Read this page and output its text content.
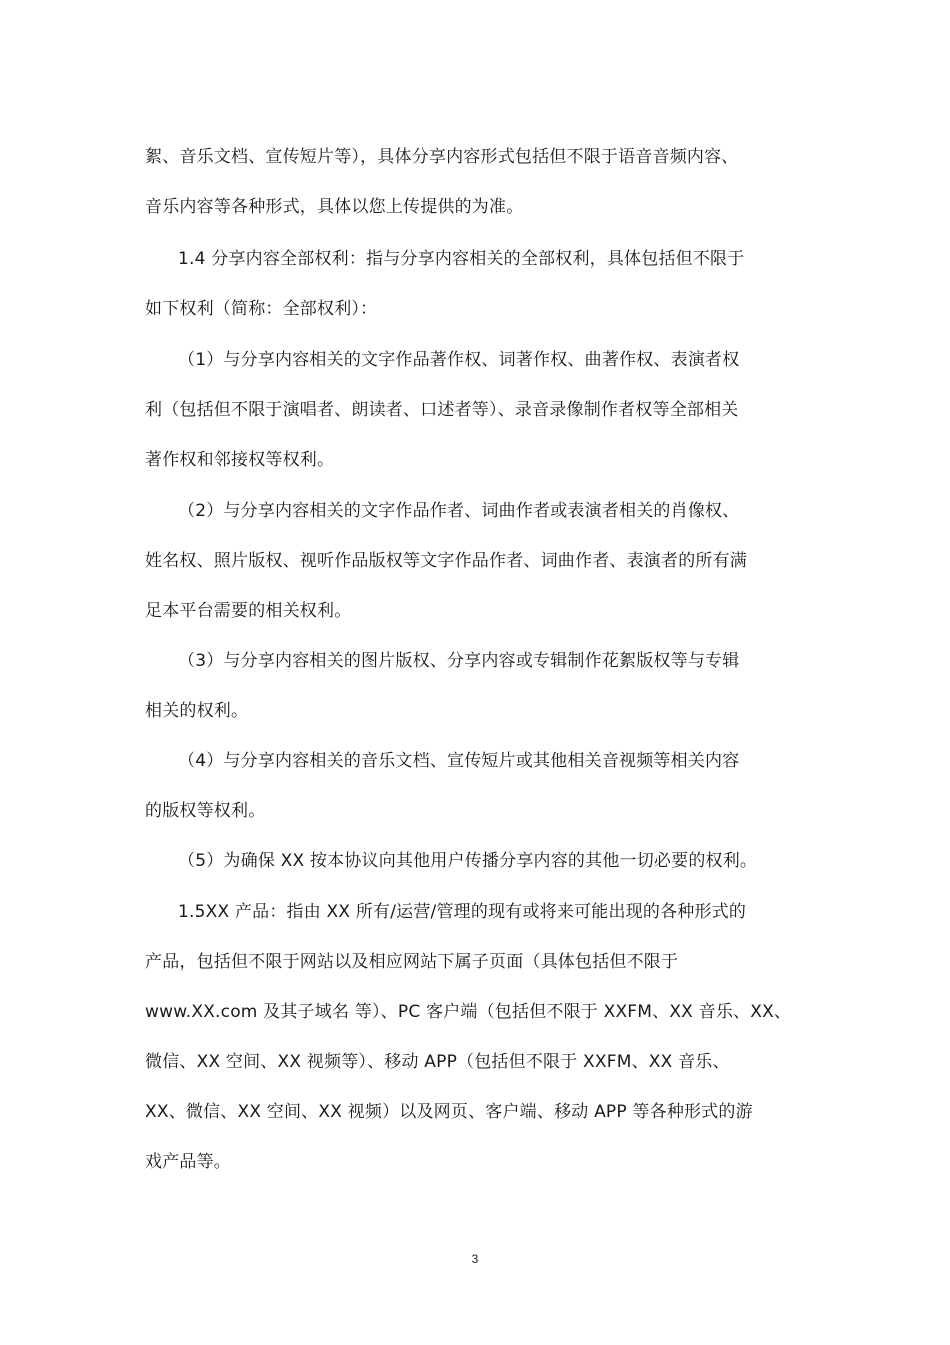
絮、音乐文档、宣传短片等），具体分享内容形式包括但不限于语音音频内容、

音乐内容等各种形式，具体以您上传提供的为准。

1.4 分享内容全部权利：指与分享内容相关的全部权利，具体包括但不限于

如下权利（简称：全部权利）：

（1）与分享内容相关的文字作品著作权、词著作权、曲著作权、表演者权

利（包括但不限于演唱者、朗读者、口述者等）、录音录像制作者权等全部相关

著作权和邻接权等权利。

（2）与分享内容相关的文字作品作者、词曲作者或表演者相关的肖像权、

姓名权、照片版权、视听作品版权等文字作品作者、词曲作者、表演者的所有满

足本平台需要的相关权利。

（3）与分享内容相关的图片版权、分享内容或专辑制作花絮版权等与专辑

相关的权利。

（4）与分享内容相关的音乐文档、宣传短片或其他相关音视频等相关内容

的版权等权利。

（5）为确保 XX 按本协议向其他用户传播分享内容的其他一切必要的权利。

1.5XX 产品：指由 XX 所有/运营/管理的现有或将来可能出现的各种形式的

产品，包括但不限于网站以及相应网站下属子页面（具体包括但不限于

www.XX.com 及其子域名 等）、PC 客户端（包括但不限于 XXFM、XX 音乐、XX、

微信、XX 空间、XX 视频等）、移动 APP（包括但不限于 XXFM、XX 音乐、

XX、微信、XX 空间、XX 视频）以及网页、客户端、移动 APP 等各种形式的游

戏产品等。

3
